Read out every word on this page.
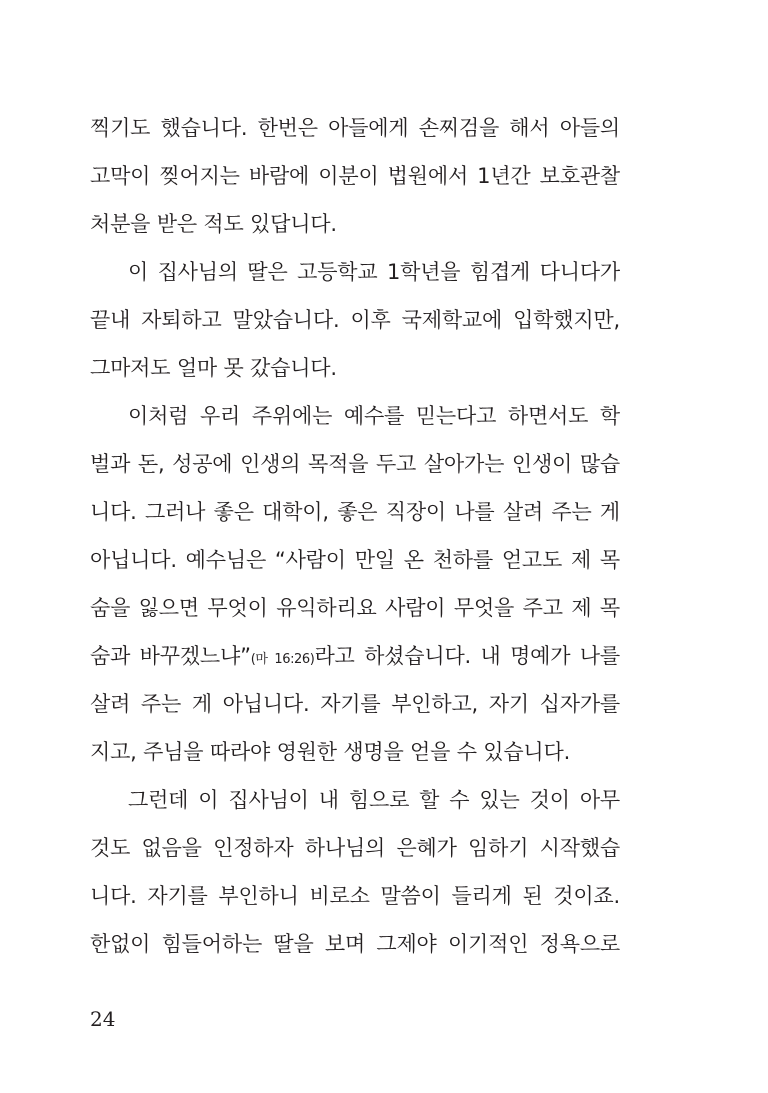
찍기도 했습니다. 한번은 아들에게 손찌검을 해서 아들의
고막이 찢어지는 바람에 이분이 법원에서 1년간 보호관찰
처분을 받은 적도 있답니다.
이 집사님의 딸은 고등학교 1학년을 힘겹게 다니다가
끝내 자퇴하고 말았습니다. 이후 국제학교에 입학했지만,
그마저도 얼마 못 갔습니다.
이처럼 우리 주위에는 예수를 믿는다고 하면서도 학
벌과 돈, 성공에 인생의 목적을 두고 살아가는 인생이 많습
니다. 그러나 좋은 대학이, 좋은 직장이 나를 살려 주는 게
아닙니다. 예수님은 “사람이 만일 온 천하를 얻고도 제 목
숨을 잃으면 무엇이 유익하리요 사람이 무엇을 주고 제 목
숨과 바꾸겠느냐”(마 16:26)라고 하셨습니다. 내 명예가 나를
살려 주는 게 아닙니다. 자기를 부인하고, 자기 십자가를
지고, 주님을 따라야 영원한 생명을 얻을 수 있습니다.
그런데 이 집사님이 내 힘으로 할 수 있는 것이 아무
것도 없음을 인정하자 하나님의 은혜가 임하기 시작했습
니다. 자기를 부인하니 비로소 말씀이 들리게 된 것이죠.
한없이 힘들어하는 딸을 보며 그제야 이기적인 정욕으로
24
